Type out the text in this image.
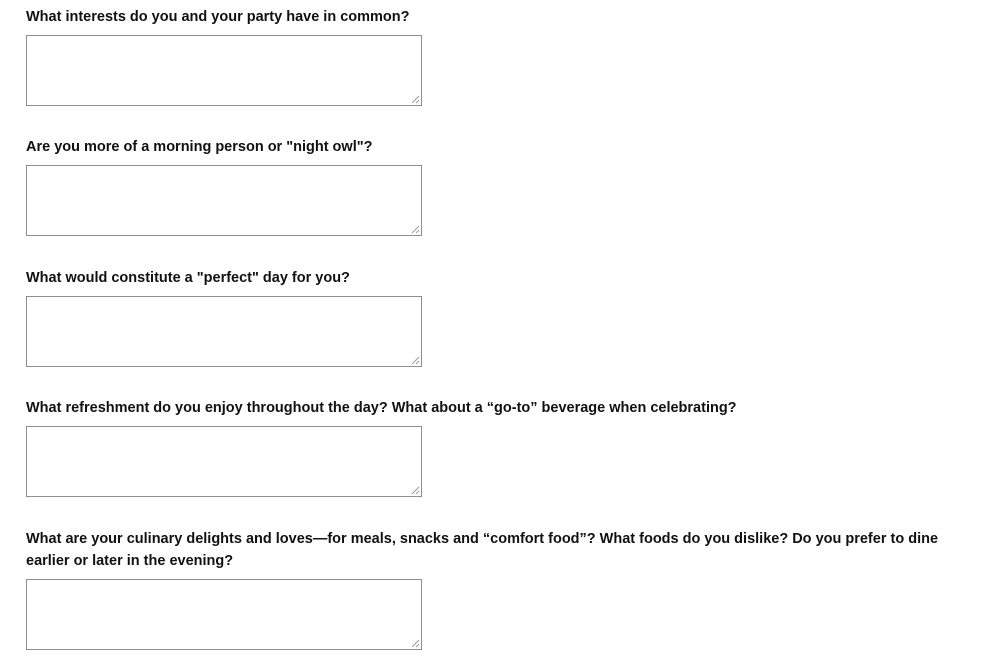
What interests do you and your party have in common?
Are you more of a morning person or "night owl"?
What would constitute a "perfect" day for you?
What refreshment do you enjoy throughout the day? What about a “go-to” beverage when celebrating?
What are your culinary delights and loves—for meals, snacks and “comfort food”? What foods do you dislike? Do you prefer to dine earlier or later in the evening?
